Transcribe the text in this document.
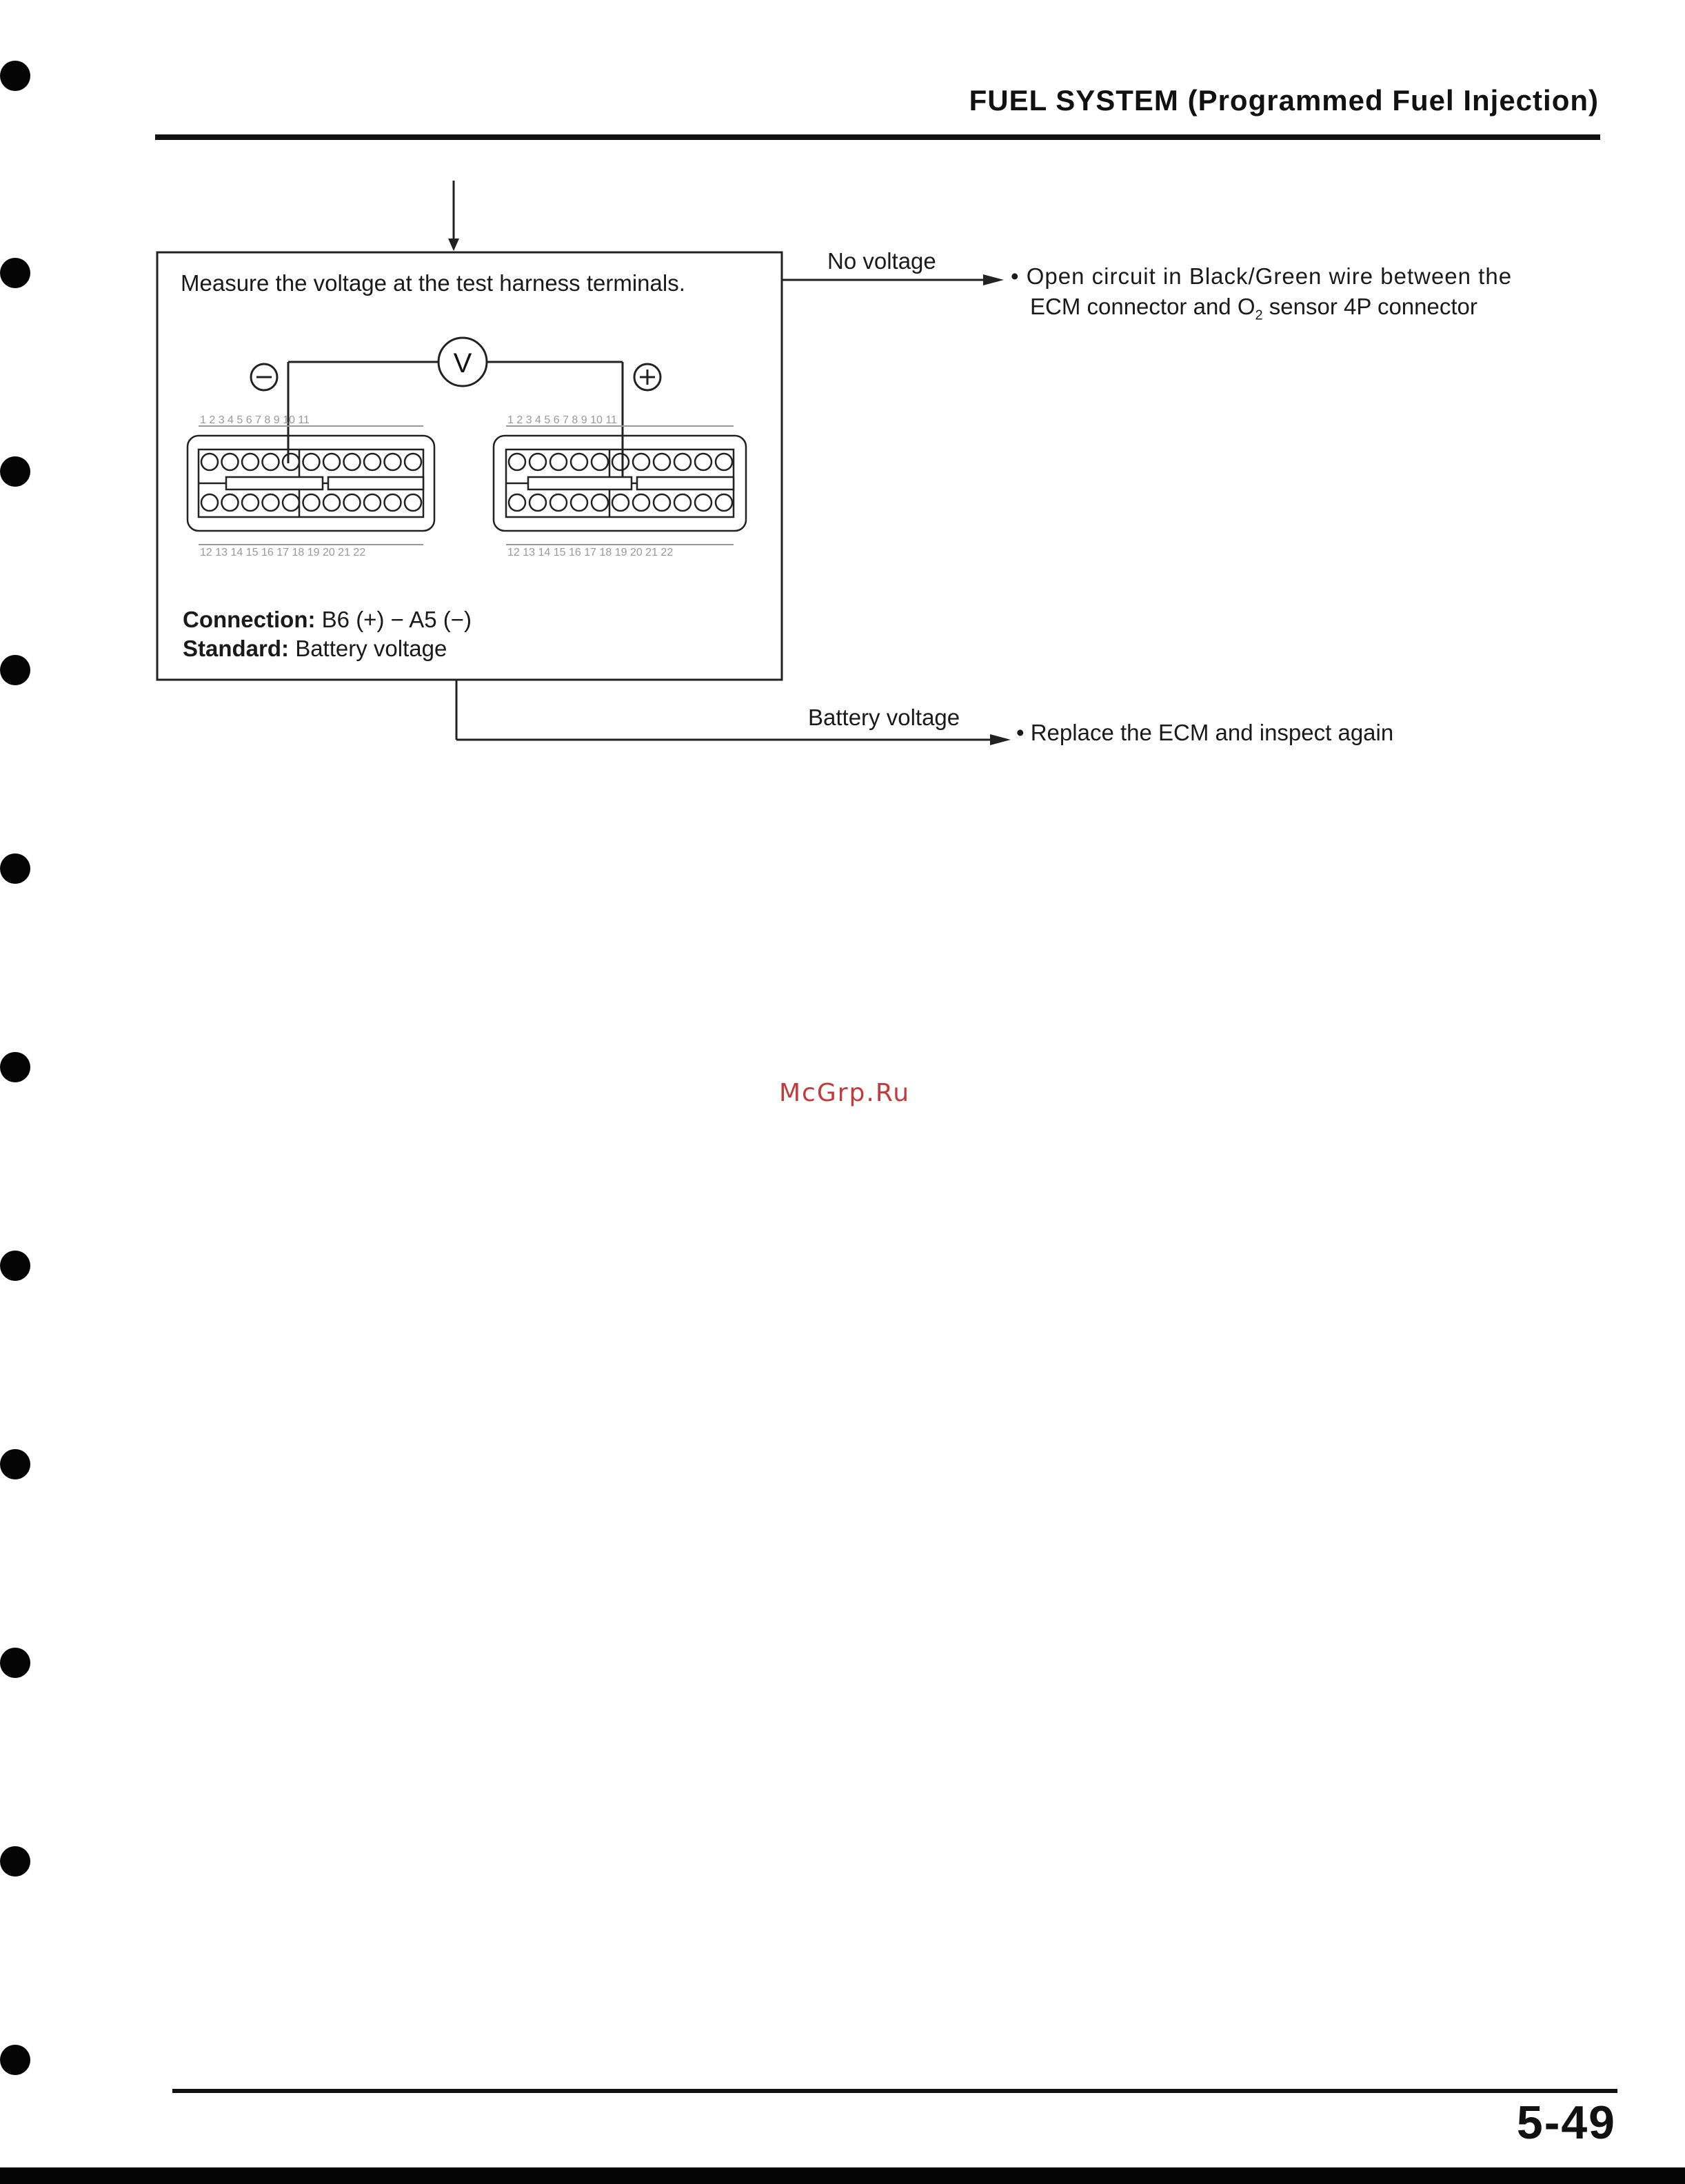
FUEL SYSTEM (Programmed Fuel Injection)
1 2 3 4 5 6 7 8 9 10 11
12 13 14 15 16 17 18 19 20 21 22
1 2 3 4 5 6 7 8 9 10 11
12 13 14 15 16 17 18 19 20 21 22
V
Measure the voltage at the test harness terminals.
Connection: B6 (+) − A5 (−)
Standard: Battery voltage
No voltage
• Open circuit in Black/Green wire between the
ECM connector and $O_2$ sensor 4P connector
Battery voltage
• Replace the ECM and inspect again
McGrp.Ru
5-49
